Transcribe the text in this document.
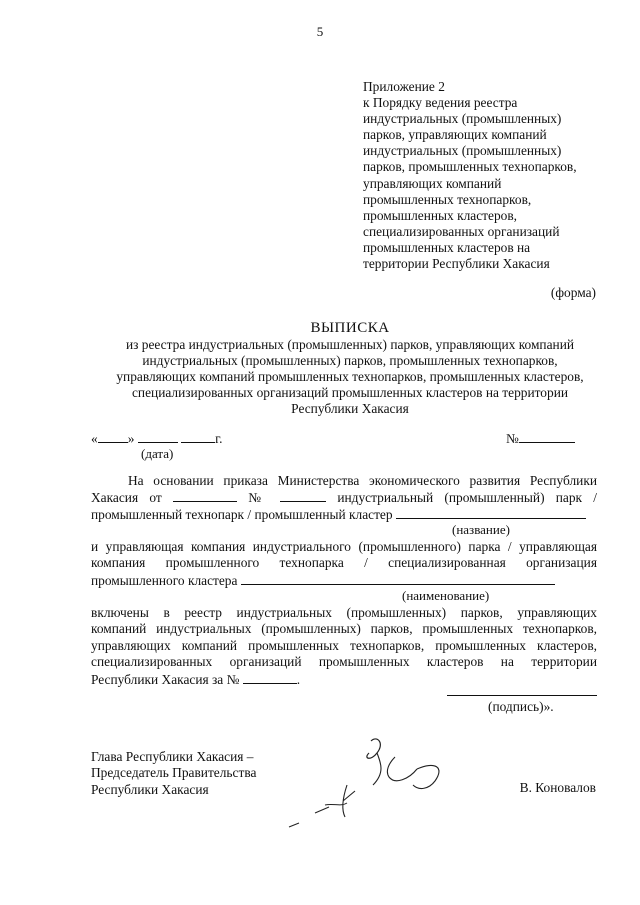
5
Приложение 2
к Порядку ведения реестра
индустриальных (промышленных)
парков, управляющих компаний
индустриальных (промышленных)
парков, промышленных технопарков,
управляющих компаний
промышленных технопарков,
промышленных кластеров,
специализированных организаций
промышленных кластеров на
территории Республики Хакасия
(форма)
ВЫПИСКА
из реестра индустриальных (промышленных) парков, управляющих компаний
индустриальных (промышленных) парков, промышленных технопарков,
управляющих компаний промышленных технопарков, промышленных кластеров,
специализированных организаций промышленных кластеров на территории
Республики Хакасия
« »	г.
(дата)
№
На основании приказа Министерства экономического развития Республики
Хакасия от	№	индустриальный (промышленный) парк /
промышленный технопарк / промышленный кластер
(название)
и управляющая компания индустриального (промышленного) парка / управляющая
компания промышленного технопарка / специализированная организация
промышленного кластера
(наименование)
включены в реестр индустриальных (промышленных) парков, управляющих
компаний индустриальных (промышленных) парков, промышленных технопарков,
управляющих компаний промышленных технопарков, промышленных кластеров,
специализированных организаций промышленных кластеров на территории
Республики Хакасия за №	.
(подпись)».
Глава Республики Хакасия –
Председатель Правительства
Республики Хакасия	В. Коновалов
